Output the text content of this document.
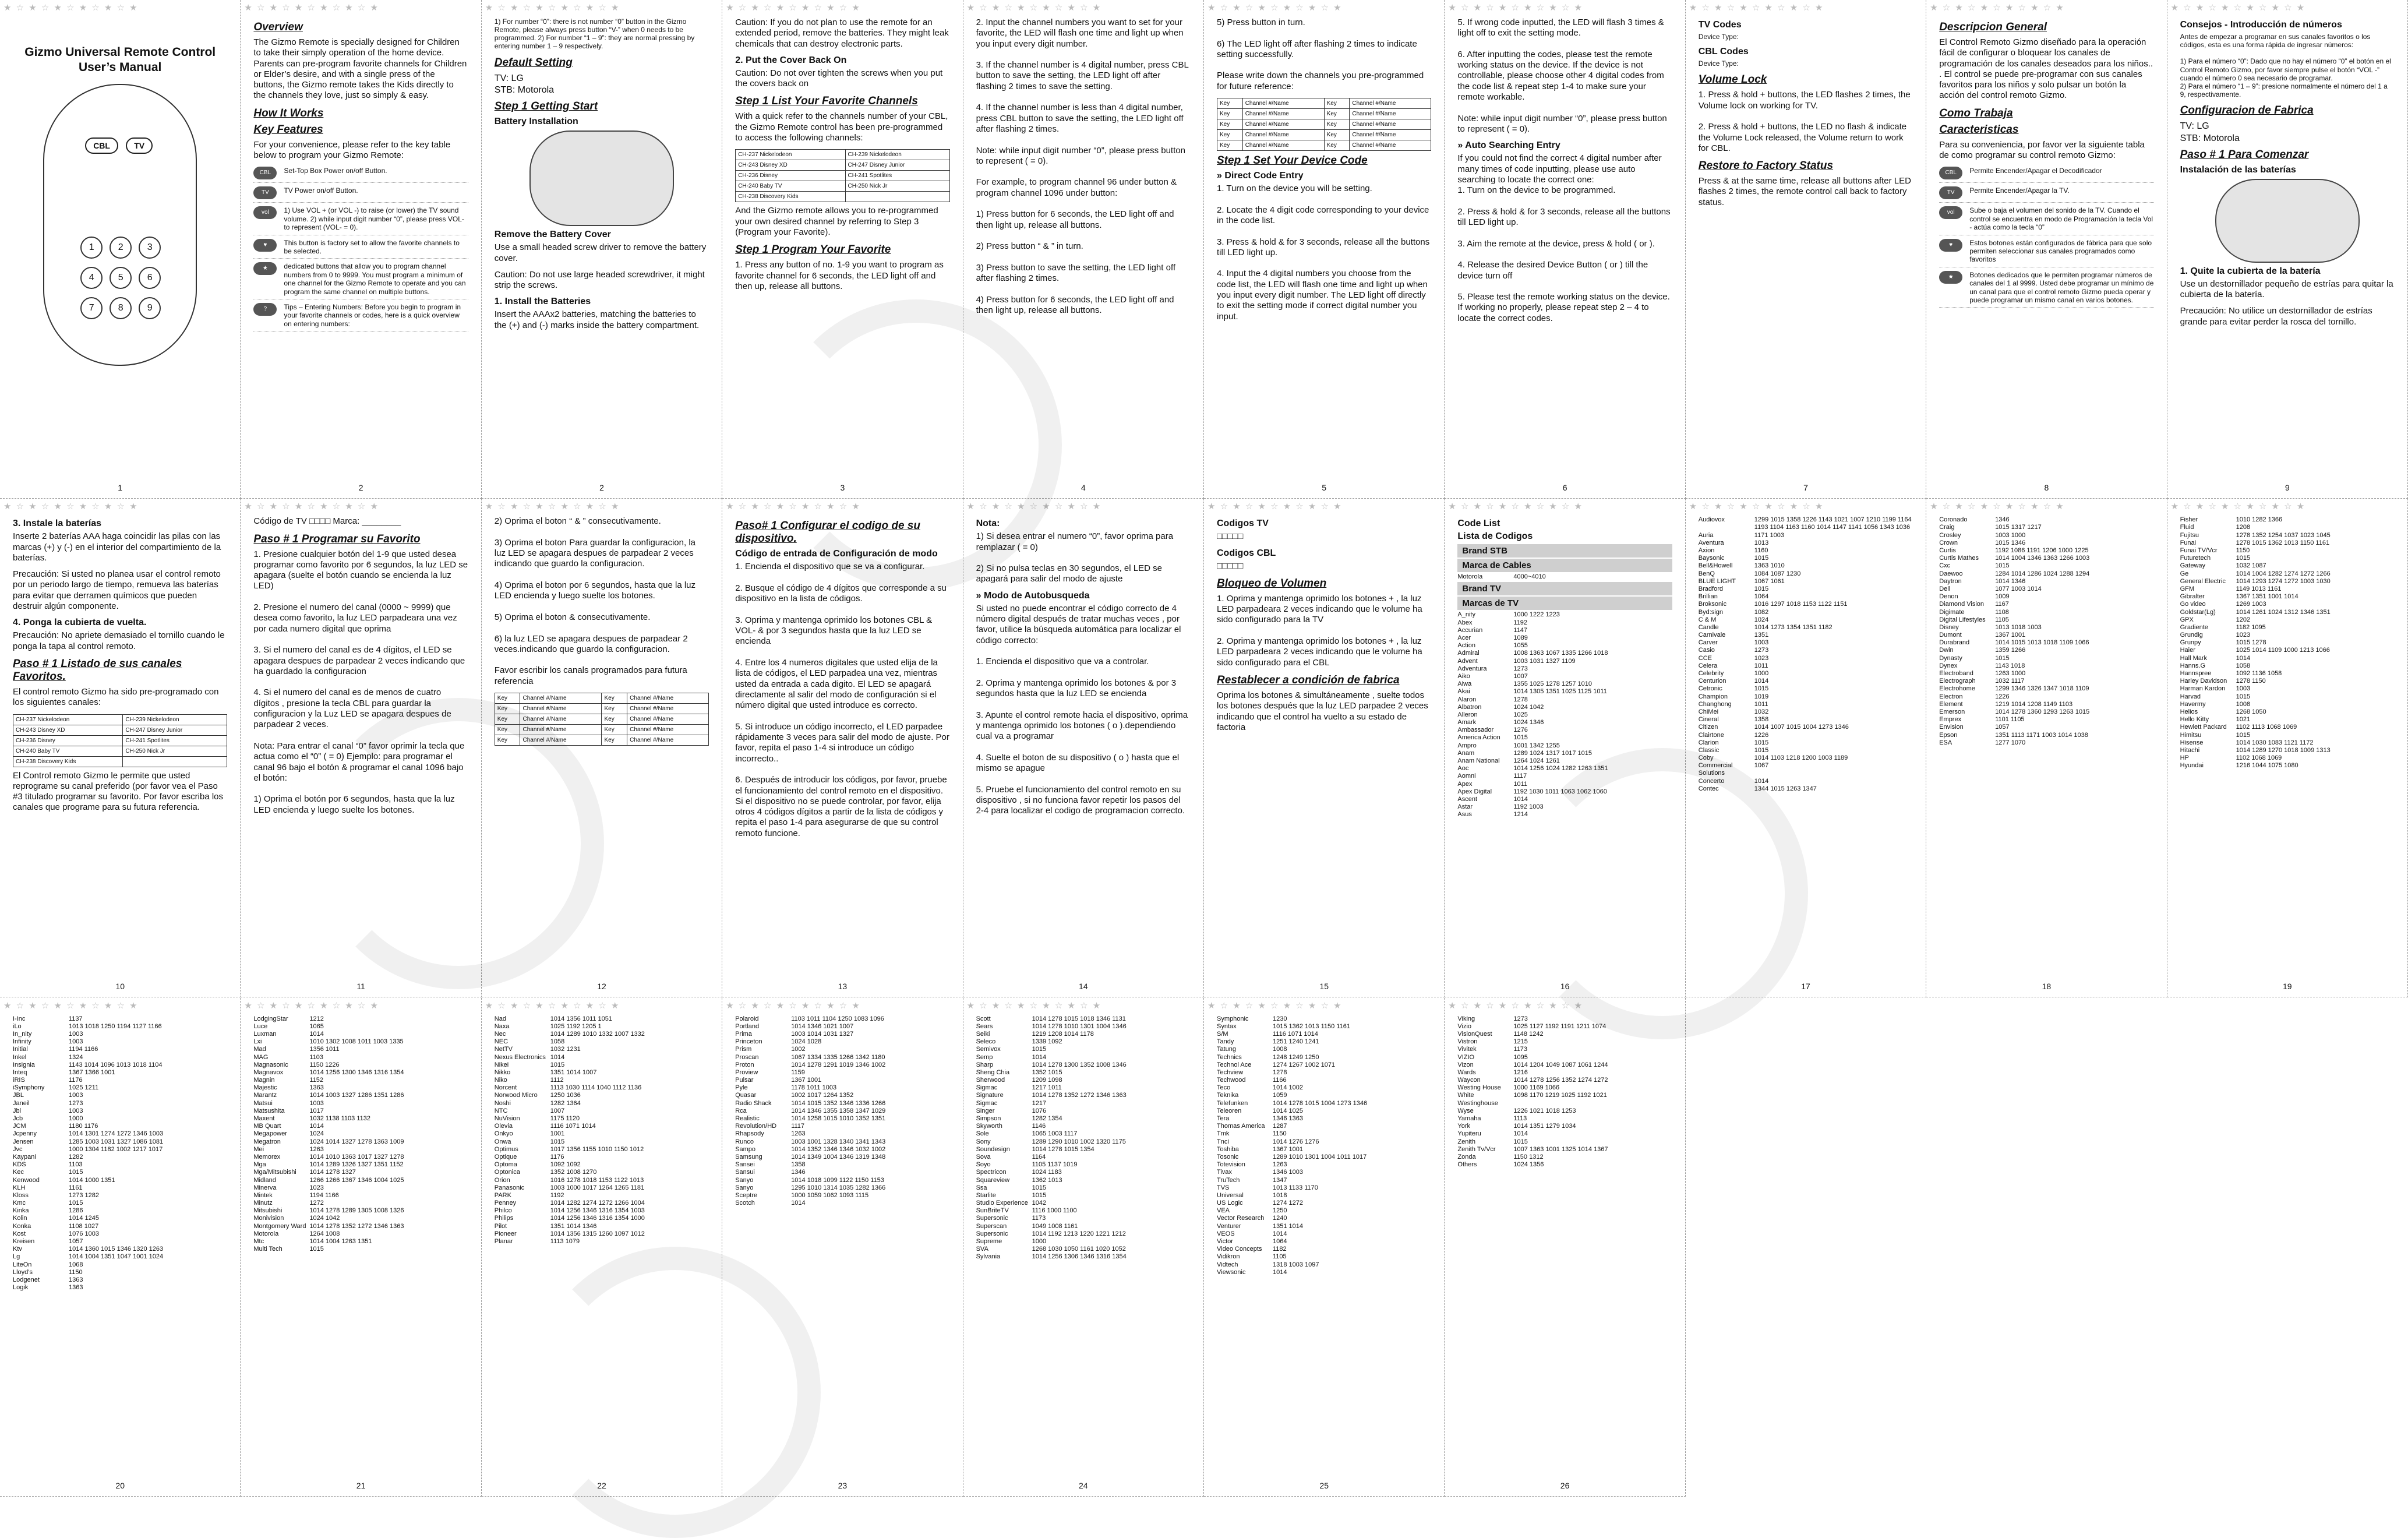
★ ☆ ★ ☆ ★ ☆ ★ ☆ ★ ☆ ★
Gizmo Universal Remote Control
User’s Manual
CBL	TV
1	2	3
4	5	6
7	8	9
1
★ ☆ ★ ☆ ★ ☆ ★ ☆ ★ ☆ ★
Overview
The Gizmo Remote is specially designed for Children to take their simply operation of the home device. Parents can pre-program favorite channels for Children or Elder’s desire, and with a single press of the buttons, the Gizmo remote takes the Kids directly to the channels they love, just so simply & easy.
How It Works
Key Features
For your convenience, please refer to the key table below to program your Gizmo Remote:
CBL	Set-Top Box Power on/off Button.
TV	TV Power on/off Button.
vol	1) Use VOL + (or VOL -) to raise (or lower) the TV sound volume. 2) while input digit number “0”, please press VOL- to represent (VOL- = 0).
♥	This button is factory set to allow the favorite channels to be selected.
★	dedicated buttons that allow you to program channel numbers from 0 to 9999. You must program a minimum of one channel for the Gizmo Remote to operate and you can program the same channel on multiple buttons.
?	Tips – Entering Numbers: Before you begin to program in your favorite channels or codes, here is a quick overview on entering numbers:
2
★ ☆ ★ ☆ ★ ☆ ★ ☆ ★ ☆ ★
1) For number “0”: there is not number “0” button in the Gizmo Remote, please always press button “V-” when 0 needs to be programmed. 2) For number “1 – 9”: they are normal pressing by entering number 1 – 9 respectively.
Default Setting
TV: LG
STB: Motorola
Step 1 Getting Start
Battery Installation
Remove the Battery Cover
Use a small headed screw driver to remove the battery cover.
Caution: Do not use large headed screwdriver, it might strip the screws.
1. Install the Batteries
Insert the AAAx2 batteries, matching the batteries to the (+) and (-) marks inside the battery compartment.
2
★ ☆ ★ ☆ ★ ☆ ★ ☆ ★ ☆ ★
Caution: If you do not plan to use the remote for an extended period, remove the batteries. They might leak chemicals that can destroy electronic parts.
2. Put the Cover Back On
Caution: Do not over tighten the screws when you put the covers back on
Step 1 List Your Favorite Channels
With a quick refer to the channels number of your CBL, the Gizmo Remote control has been pre-programmed to access the following channels:
CH-237 Nickelodeon	CH-239 Nickelodeon
CH-243 Disney XD	CH-247 Disney Junior
CH-236 Disney	CH-241 Spotlites
CH-240 Baby TV	CH-250 Nick Jr
CH-238 Discovery Kids	
And the Gizmo remote allows you to re-programmed your own desired channel by referring to Step 3 (Program your Favorite).
Step 1 Program Your Favorite
1. Press any button of no. 1-9 you want to program as favorite channel for 6 seconds, the LED light off and then up, release all buttons.
3
★ ☆ ★ ☆ ★ ☆ ★ ☆ ★ ☆ ★
2. Input the channel numbers you want to set for your favorite, the LED will flash one time and light up when you input every digit number.

3. If the channel number is 4 digital number, press CBL button to save the setting, the LED light off after flashing 2 times to save the setting.

4. If the channel number is less than 4 digital number, press CBL button to save the setting, the LED light off after flashing 2 times.

Note: while input digit number “0”, please press button to represent ( = 0).

For example, to program channel 96 under button & program channel 1096 under button:

1) Press button for 6 seconds, the LED light off and then light up, release all buttons.

2) Press button “ & ” in turn.

3) Press button to save the setting, the LED light off after flashing 2 times.

4) Press button for 6 seconds, the LED light off and then light up, release all buttons.
4
★ ☆ ★ ☆ ★ ☆ ★ ☆ ★ ☆ ★
5) Press button in turn.

6) The LED light off after flashing 2 times to indicate setting successfully.

Please write down the channels you pre-programmed for future reference:
Key	Channel #/Name	Key	Channel #/Name
Key	Channel #/Name	Key	Channel #/Name
Key	Channel #/Name	Key	Channel #/Name
Key	Channel #/Name	Key	Channel #/Name
Key	Channel #/Name	Key	Channel #/Name
Step 1 Set Your Device Code
» Direct Code Entry
1. Turn on the device you will be setting.

2. Locate the 4 digit code corresponding to your device in the code list.

3. Press & hold & for 3 seconds, release all the buttons till LED light up.

4. Input the 4 digital numbers you choose from the code list, the LED will flash one time and light up when you input every digit number. The LED light off directly to exit the setting mode if correct digital number you input.
5
★ ☆ ★ ☆ ★ ☆ ★ ☆ ★ ☆ ★
5. If wrong code inputted, the LED will flash 3 times & light off to exit the setting mode.

6. After inputting the codes, please test the remote working status on the device. If the device is not controllable, please choose other 4 digital codes from the code list & repeat step 1-4 to make sure your remote workable.

Note: while input digit number “0”, please press button to represent ( = 0).
» Auto Searching Entry
If you could not find the correct 4 digital number after many times of code inputting, please use auto searching to locate the correct one:
1. Turn on the device to be programmed.

2. Press & hold & for 3 seconds, release all the buttons till LED light up.

3. Aim the remote at the device, press & hold ( or ).

4. Release the desired Device Button ( or ) till the device turn off

5. Please test the remote working status on the device. If working no properly, please repeat step 2 – 4 to locate the correct codes.
6
★ ☆ ★ ☆ ★ ☆ ★ ☆ ★ ☆ ★
TV Codes
Device Type:
CBL Codes
Device Type:
Volume Lock
1. Press & hold + buttons, the LED flashes 2 times, the Volume lock on working for TV.

2. Press & hold + buttons, the LED no flash & indicate the Volume Lock released, the Volume return to work for CBL.
Restore to Factory Status
Press & at the same time, release all buttons after LED flashes 2 times, the remote control call back to factory status.
7
★ ☆ ★ ☆ ★ ☆ ★ ☆ ★ ☆ ★
Descripcion General
El Control Remoto Gizmo diseñado para la operación fácil de configurar o bloquear los canales de programación de los canales deseados para los niños.. . El control se puede pre-programar con sus canales favoritos para los niños y solo pulsar un botón la acción del control remoto Gizmo.
Como Trabaja
Caracteristicas
Para su conveniencia, por favor ver la siguiente tabla de como programar su control remoto Gizmo:
CBL	Permite Encender/Apagar el Decodificador
TV	Permite Encender/Apagar la TV.
vol	Sube o baja el volumen del sonido de la TV. Cuando el control se encuentra en modo de Programación la tecla Vol - actúa como la tecla “0”
♥	Estos botones están configurados de fábrica para que solo permiten seleccionar sus canales programados como favoritos
★	Botones dedicados que le permiten programar números de canales del 1 al 9999. Usted debe programar un mínimo de un canal para que el control remoto Gizmo pueda operar y puede programar un mismo canal en varios botones.
8
★ ☆ ★ ☆ ★ ☆ ★ ☆ ★ ☆ ★
Consejos - Introducción de números
Antes de empezar a programar en sus canales favoritos o los códigos, esta es una forma rápida de ingresar números:

1) Para el número “0”: Dado que no hay el número “0” el botón en el Control Remoto Gizmo, por favor siempre pulse el botón “VOL -” cuando el número 0 sea necesario de programar.
2) Para el número “1 – 9”: presione normalmente el número del 1 a 9, respectivamente.
Configuracion de Fabrica
TV: LG
STB: Motorola
Paso # 1 Para Comenzar
Instalación de las baterías
1. Quite la cubierta de la batería
Use un destornillador pequeño de estrías para quitar la cubierta de la batería.
Precaución: No utilice un destornillador de estrías grande para evitar perder la rosca del tornillo.
9
★ ☆ ★ ☆ ★ ☆ ★ ☆ ★ ☆ ★
3. Instale la baterías
Inserte 2 baterías AAA haga coincidir las pilas con las marcas (+) y (-) en el interior del compartimiento de la baterías.
Precaución: Si usted no planea usar el control remoto por un periodo largo de tiempo, remueva las baterías para evitar que derramen químicos que pueden destruir algún componente.
4. Ponga la cubierta de vuelta.
Precaución: No apriete demasiado el tornillo cuando le ponga la tapa al control remoto.
Paso # 1 Listado de sus canales Favoritos.
El control remoto Gizmo ha sido pre-programado con los siguientes canales:
CH-237 Nickelodeon	CH-239 Nickelodeon
CH-243 Disney XD	CH-247 Disney Junior
CH-236 Disney	CH-241 Spotlites
CH-240 Baby TV	CH-250 Nick Jr
CH-238 Discovery Kids	
El Control remoto Gizmo le permite que usted reprograme su canal preferido (por favor vea el Paso #3 titulado programar su favorito. Por favor escriba los canales que programe para su futura referencia.
10
★ ☆ ★ ☆ ★ ☆ ★ ☆ ★ ☆ ★
Código de TV □□□□ Marca: ________
Paso # 1 Programar su Favorito
1. Presione cualquier botón del 1-9 que usted desea programar como favorito por 6 segundos, la luz LED se apagara (suelte el botón cuando se encienda la luz LED)

2. Presione el numero del canal (0000 ~ 9999) que desea como favorito, la luz LED parpadeara una vez por cada numero digital que oprima

3. Si el numero del canal es de 4 dígitos, el LED se apagara despues de parpadear 2 veces indicando que ha guardado la configuracion

4. Si el numero del canal es de menos de cuatro dígitos , presione la tecla CBL para guardar la configuracion y la Luz LED se apagara despues de parpadear 2 veces.

Nota: Para entrar el canal “0” favor oprimir la tecla que actua como el “0” ( = 0) Ejemplo: para programar el canal 96 bajo el botón & programar el canal 1096 bajo el botón:

1) Oprima el botón por 6 segundos, hasta que la luz LED encienda y luego suelte los botones.
11
★ ☆ ★ ☆ ★ ☆ ★ ☆ ★ ☆ ★
2) Oprima el boton “ & ” consecutivamente.

3) Oprima el boton Para guardar la configuracion, la luz LED se apagara despues de parpadear 2 veces indicando que guardo la configuracion.

4) Oprima el boton por 6 segundos, hasta que la luz LED encienda y luego suelte los botones.

5) Oprima el boton & consecutivamente.

6) la luz LED se apagara despues de parpadear 2 veces.indicando que guardo la configuracion.

Favor escribir los canals programados para futura referencia
Key	Channel #/Name	Key	Channel #/Name
Key	Channel #/Name	Key	Channel #/Name
Key	Channel #/Name	Key	Channel #/Name
Key	Channel #/Name	Key	Channel #/Name
Key	Channel #/Name	Key	Channel #/Name
12
★ ☆ ★ ☆ ★ ☆ ★ ☆ ★ ☆ ★
Paso# 1 Configurar el codigo de su dispositivo.
Código de entrada de Configuración de modo
1. Encienda el dispositivo que se va a configurar.

2. Busque el código de 4 dígitos que corresponde a su dispositivo en la lista de códigos.

3. Oprima y mantenga oprimido los botones CBL & VOL- & por 3 segundos hasta que la luz LED se encienda

4. Entre los 4 numeros digitales que usted elija de la lista de códigos, el LED parpadea una vez, mientras usted da entrada a cada digito. El LED se apagará directamente al salir del modo de configuración si el número digital que usted introduce es correcto.

5. Si introduce un código incorrecto, el LED parpadee rápidamente 3 veces para salir del modo de ajuste. Por favor, repita el paso 1-4 si introduce un código incorrecto..

6. Después de introducir los códigos, por favor, pruebe el funcionamiento del control remoto en el dispositivo. Si el dispositivo no se puede controlar, por favor, elija otros 4 códigos dígitos a partir de la lista de códigos y repita el paso 1-4 para asegurarse de que su control remoto funcione.
13
★ ☆ ★ ☆ ★ ☆ ★ ☆ ★ ☆ ★
Nota:
1) Si desea entrar el numero “0”, favor oprima para remplazar ( = 0)

2) Si no pulsa teclas en 30 segundos, el LED se apagará para salir del modo de ajuste
» Modo de Autobusqueda
Si usted no puede encontrar el código correcto de 4 número digital después de tratar muchas veces , por favor, utilice la búsqueda automática para localizar el código correcto:

1. Encienda el dispositivo que va a controlar.

2. Oprima y mantenga oprimido los botones & por 3 segundos hasta que la luz LED se encienda

3. Apunte el control remote hacia el dispositivo, oprima y mantenga oprimido los botones ( o ).dependiendo cual va a programar

4. Suelte el boton de su dispositivo ( o ) hasta que el mismo se apague

5. Pruebe el funcionamiento del control remoto en su dispositivo , si no funciona favor repetir los pasos del 2-4 para localizar el codigo de programacion correcto.
14
★ ☆ ★ ☆ ★ ☆ ★ ☆ ★ ☆ ★
Codigos TV
□□□□□
Codigos CBL
□□□□□
Bloqueo de Volumen
1. Oprima y mantenga oprimido los botones + , la luz LED parpadeara 2 veces indicando que le volume ha sido configurado para la TV

2. Oprima y mantenga oprimido los botones + , la luz LED parpadeara 2 veces indicando que le volume ha sido configurado para el CBL
Restablecer a condición de fabrica
Oprima los botones & simultáneamente , suelte todos los botones después que la luz LED parpadee 2 veces indicando que el control ha vuelto a su estado de factoria
15
★ ☆ ★ ☆ ★ ☆ ★ ☆ ★ ☆ ★
Code List
Lista de Codigos
Brand STB
Marca de Cables
Motorola	4000~4010
Brand TV
Marcas de TV
A_nity	1000 1222 1223
Abex	1192
Accurian	1147
Acer	1089
Action	1055
Admiral	1008 1363 1067 1335 1266 1018
Advent	1003 1031 1327 1109
Adventura	1273
Aiko	1007
Aiwa	1355 1025 1278 1257 1010
Akai	1014 1305 1351 1025 1125 1011
Alaron	1278
Albatron	1024 1042
Alleron	1025
Amark	1024 1346
Ambassador	1276
America Action	1015
Ampro	1001 1342 1255
Anam	1289 1024 1317 1017 1015
Anam National	1264 1024 1261
Aoc	1014 1256 1024 1282 1263 1351
Aomni	1117
Apex	1011
Apex Digital	1192 1030 1011 1063 1062 1060
Ascent	1014
Astar	1192 1003
Asus	1214
16
★ ☆ ★ ☆ ★ ☆ ★ ☆ ★ ☆ ★
Audiovox	1299 1015 1358 1226 1143 1021 1007 1210 1199 1164 1193 1104 1163 1160 1014 1147 1141 1056 1343 1036
Auria	1171 1003
Aventura	1013
Axion	1160
Baysonic	1015
Bell&Howell	1363 1010
BenQ	1084 1087 1230
BLUE LIGHT	1067 1061
Bradford	1015
Brillian	1064
Broksonic	1016 1297 1018 1153 1122 1151
Byd:sign	1082
C & M	1024
Candle	1014 1273 1354 1351 1182
Carnivale	1351
Carver	1003
Casio	1273
CCE	1023
Celera	1011
Celebrity	1000
Centurion	1014
Cetronic	1015
Champion	1019
Changhong	1011
ChiMei	1032
Cineral	1358
Citizen	1014 1007 1015 1004 1273 1346
Clairtone	1226
Clarion	1015
Classic	1015
Coby	1014 1103 1218 1200 1003 1189
Commercial Solutions
1067
Concerto	1014
Contec	1344 1015 1263 1347
17
★ ☆ ★ ☆ ★ ☆ ★ ☆ ★ ☆ ★
Coronado	1346
Craig	1015 1317 1217
Crosley	1003 1000
Crown	1015 1346
Curtis	1192 1086 1191 1206 1000 1225
Curtis Mathes	1014 1004 1346 1363 1266 1003
Cxc	1015
Daewoo	1284 1014 1286 1024 1288 1294
Daytron	1014 1346
Dell	1077 1003 1014
Denon	1009
Diamond Vision	1167
Digimate	1108
Digital Lifestyles	1105
Disney	1013 1018 1003
Dumont	1367 1001
Durabrand	1014 1015 1013 1018 1109 1066
Dwin	1359 1266
Dynasty	1015
Dynex	1143 1018
Electroband	1263 1000
Electrograph	1032 1117
Electrohome	1299 1346 1326 1347 1018 1109
Electron	1226
Element	1219 1014 1208 1149 1103
Emerson	1014 1278 1360 1293 1263 1015
Emprex	1101 1105
Envision	1057
Epson	1351 1113 1171 1003 1014 1038
ESA	1277 1070
18
★ ☆ ★ ☆ ★ ☆ ★ ☆ ★ ☆ ★
Fisher	1010 1282 1366
Fluid	1208
Fujitsu	1278 1352 1254 1037 1023 1045
Funai	1278 1015 1362 1013 1150 1161
Funai TV/Vcr	1150
Futuretech	1015
Gateway	1032 1087
Ge	1014 1004 1282 1274 1272 1266
General Electric	1014 1293 1274 1272 1003 1030
GFM	1149 1013 1161
Gibralter	1367 1351 1001 1014
Go video	1269 1003
Goldstar(Lg)	1014 1261 1024 1312 1346 1351
GPX	1202
Gradiente	1182 1095
Grundig	1023
Grunpy	1015 1278
Haier	1025 1014 1109 1000 1213 1066
Hall Mark	1014
Hanns.G	1058
Hannspree	1092 1136 1058
Harley Davidson	1278 1150
Harman Kardon	1003
Harvad	1015
Havermy	1008
Helios	1268 1050
Hello Kitty	1021
Hewlett Packard	1102 1113 1068 1069
Himitsu	1015
Hisense	1014 1030 1083 1121 1172
Hitachi	1014 1289 1270 1018 1009 1313
HP	1102 1068 1069
Hyundai	1216 1044 1075 1080
19
★ ☆ ★ ☆ ★ ☆ ★ ☆ ★ ☆ ★
I-Inc	1137
iLo	1013 1018 1250 1194 1127 1166
In_nity	1003
Infinity	1003
Initial	1194 1166
Inkel	1324
Insignia	1143 1014 1096 1013 1018 1104
Inteq	1367 1366 1001
iRIS	1176
iSymphony	1025 1211
JBL	1003
Janeil	1273
Jbl	1003
Jcb	1000
JCM	1180 1176
Jcpenny	1014 1301 1274 1272 1346 1003
Jensen	1285 1003 1031 1327 1086 1081
Jvc	1000 1304 1182 1002 1217 1017
Kaypani	1282
KDS	1103
Kec	1015
Kenwood	1014 1000 1351
KLH	1161
Kloss	1273 1282
Kmc	1015
Kinka	1286
Kolin	1014 1245
Konka	1108 1027
Kost	1076 1003
Kreisen	1057
Ktv	1014 1360 1015 1346 1320 1263
Lg	1014 1004 1351 1047 1001 1024
LiteOn	1068
Lloyd’s	1150
Lodgenet	1363
Logik	1363
20
★ ☆ ★ ☆ ★ ☆ ★ ☆ ★ ☆ ★
LodgingStar	1212
Luce	1065
Luxman	1014
Lxi	1010 1302 1008 1011 1003 1335
Mad	1356 1011
MAG	1103
Magnasonic	1150 1226
Magnavox	1014 1256 1300 1346 1316 1354
Magnin	1152
Majestic	1363
Marantz	1014 1003 1327 1286 1351 1286
Matsui	1003
Matsushita	1017
Maxent	1032 1138 1103 1132
MB Quart	1014
Megapower	1024
Megatron	1024 1014 1327 1278 1363 1009
Mei	1263
Memorex	1014 1010 1363 1017 1327 1278
Mga	1014 1289 1326 1327 1351 1152
Mga/Mitsubishi	1014 1278 1327
Midland	1266 1266 1367 1346 1004 1025
Minerva	1023
Mintek	1194 1166
Minutz	1272
Mitsubishi	1014 1278 1289 1305 1008 1326
Monivision	1024 1042
Montgomery Ward 1014 1278 1352 1272 1346 1363
Motorola	1264 1008
Mtc	1014 1004 1263 1351
Multi Tech	1015
21
★ ☆ ★ ☆ ★ ☆ ★ ☆ ★ ☆ ★
Nad	1014 1356 1011 1051
Naxa	1025 1192 1205 1
Nec	1014 1289 1010 1332 1007 1332
NEC	1058
NetTV	1032 1231
Nexus Electronics 1014
Nikei	1015
Nikko	1351 1014 1007
Niko	1112
Norcent	1113 1030 1114 1040 1112 1136
Norwood Micro	1250 1036
Noshi	1282 1364
NTC	1007
NuVision	1175 1120
Olevia	1116 1071 1014
Onkyo	1001
Onwa	1015
Optimus	1017 1356 1155 1010 1150 1012
Optique	1176
Optoma	1092 1092
Optonica	1352 1008 1270
Orion	1016 1278 1018 1153 1122 1013
Panasonic	1003 1000 1017 1264 1265 1181
PARK	1192
Penney	1014 1282 1274 1272 1266 1004
Philco	1014 1256 1346 1316 1354 1003
Philips	1014 1256 1346 1316 1354 1000
Pilot	1351 1014 1346
Pioneer	1014 1356 1315 1260 1097 1012
Planar	1113 1079
22
★ ☆ ★ ☆ ★ ☆ ★ ☆ ★ ☆ ★
Polaroid	1103 1011 1104 1250 1083 1096
Portland	1014 1346 1021 1007
Prima	1003 1014 1031 1327
Princeton	1024 1028
Prism	1002
Proscan	1067 1334 1335 1266 1342 1180
Proton	1014 1278 1291 1019 1346 1002
Proview	1159
Pulsar	1367 1001
Pyle	1178 1011 1003
Quasar	1002 1017 1264 1352
Radio Shack	1014 1015 1352 1346 1336 1266
Rca	1014 1346 1355 1358 1347 1029
Realistic	1014 1258 1015 1010 1352 1351
Revolution/HD	1117
Rhapsody	1263
Runco	1003 1001 1328 1340 1341 1343
Sampo	1014 1352 1346 1346 1032 1002
Samsung	1014 1349 1004 1346 1319 1348
Sansei	1358
Sansui	1346
Sanyo	1014 1018 1099 1122 1150 1153
Sanyo	1295 1010 1314 1035 1282 1366
Sceptre	1000 1059 1062 1093 1115
Scotch	1014
23
★ ☆ ★ ☆ ★ ☆ ★ ☆ ★ ☆ ★
Scott	1014 1278 1015 1018 1346 1131
Sears	1014 1278 1010 1301 1004 1346
Seiki	1219 1208 1014 1178
Seleco	1339 1092
Semivox	1015
Semp	1014
Sharp	1014 1278 1300 1352 1008 1346
Sheng Chia	1352 1015
Sherwood	1209 1098
Sigmac	1217 1011
Signature	1014 1278 1352 1272 1346 1363
Sigmac	1217
Singer	1076
Simpson	1282 1354
Skyworth	1146
Sole	1065 1003 1117
Sony	1289 1290 1010 1002 1320 1175
Soundesign	1014 1278 1015 1354
Sova	1164
Soyo	1105 1137 1019
Spectricon	1024 1183
Squareview	1362 1013
Ssa	1015
Starlite	1015
Studio Experience 1042
SunBriteTV	1116 1000 1100
Supersonic	1173
Superscan	1049 1008 1161
Supersonic	1014 1192 1213 1220 1221 1212
Supreme	1000
SVA	1268 1030 1050 1161 1020 1052
Sylvania	1014 1256 1306 1346 1316 1354
24
★ ☆ ★ ☆ ★ ☆ ★ ☆ ★ ☆ ★
Symphonic	1230
Syntax	1015 1362 1013 1150 1161
S/M	1116 1071 1014
Tandy	1251 1240 1241
Tatung	1008
Technics	1248 1249 1250
Technol Ace	1274 1267 1002 1071
Techview	1278
Techwood	1166
Teco	1014 1002
Teknika	1059
Telefunken	1014 1278 1015 1004 1273 1346
Teleoren	1014 1025
Tera	1346 1363
Thomas America	1287
Tmk	1150
Tnci	1014 1276 1276
Toshiba	1367 1001
Tosonic	1289 1010 1301 1004 1011 1017
Totevision	1263
Tivax	1346 1003
TruTech	1347
TVS	1013 1133 1170
Universal	1018
US Logic	1274 1272
VEA	1250
Vector Research	1240
Venturer	1351 1014
VEOS	1014
Victor	1064
Video Concepts	1182
Vidikron	1105
Vidtech	1318 1003 1097
Viewsonic	1014
25
★ ☆ ★ ☆ ★ ☆ ★ ☆ ★ ☆ ★
Viking	1273
Vizio	1025 1127 1192 1191 1211 1074
VisionQuest	1148 1242
Vistron	1215
Vivitek	1173
VIZIO	1095
Vizon	1014 1204 1049 1087 1061 1244
Wards	1216
Waycon	1014 1278 1256 1352 1274 1272
Westing House	1000 1169 1066
White Westinghouse
1098 1170 1219 1025 1192 1021
Wyse	1226 1021 1018 1253
Yamaha	1113
York	1014 1351 1279 1034
Yupiteru	1014
Zenith	1015
Zenith Tv/Vcr	1007 1363 1001 1325 1014 1367
Zonda	1150 1312
Others	1024 1356
26
